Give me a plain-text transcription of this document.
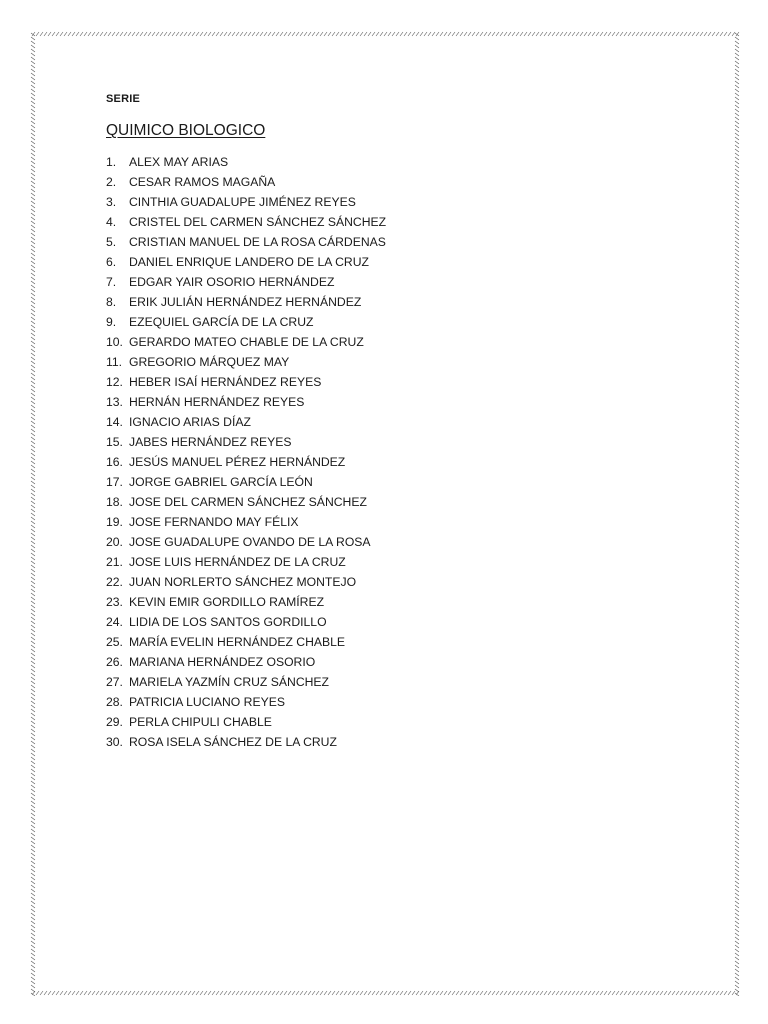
SERIE

QUIMICO BIOLOGICO
1.	ALEX MAY ARIAS
2.	CESAR RAMOS MAGAÑA
3.	CINTHIA GUADALUPE JIMÉNEZ REYES
4.	CRISTEL DEL CARMEN SÁNCHEZ SÁNCHEZ
5.	CRISTIAN MANUEL DE LA ROSA CÁRDENAS
6.	DANIEL ENRIQUE LANDERO DE LA CRUZ
7.	EDGAR YAIR OSORIO HERNÁNDEZ
8.	ERIK JULIÁN HERNÁNDEZ HERNÁNDEZ
9.	EZEQUIEL GARCÍA DE LA CRUZ
10. GERARDO MATEO CHABLE DE LA CRUZ
11. GREGORIO MÁRQUEZ MAY
12. HEBER ISAÍ HERNÁNDEZ REYES
13. HERNÁN HERNÁNDEZ REYES
14. IGNACIO ARIAS DÍAZ
15. JABES HERNÁNDEZ REYES
16. JESÚS MANUEL PÉREZ HERNÁNDEZ
17. JORGE GABRIEL GARCÍA LEÓN
18. JOSE DEL CARMEN SÁNCHEZ SÁNCHEZ
19. JOSE FERNANDO MAY FÉLIX
20. JOSE GUADALUPE OVANDO DE LA ROSA
21. JOSE LUIS HERNÁNDEZ DE LA CRUZ
22. JUAN NORLERTO SÁNCHEZ MONTEJO
23. KEVIN EMIR GORDILLO RAMÍREZ
24. LIDIA DE LOS SANTOS GORDILLO
25. MARÍA EVELIN HERNÁNDEZ CHABLE
26. MARIANA HERNÁNDEZ OSORIO
27. MARIELA YAZMÍN CRUZ SÁNCHEZ
28. PATRICIA LUCIANO REYES
29. PERLA CHIPULI CHABLE
30. ROSA ISELA SÁNCHEZ DE LA CRUZ
